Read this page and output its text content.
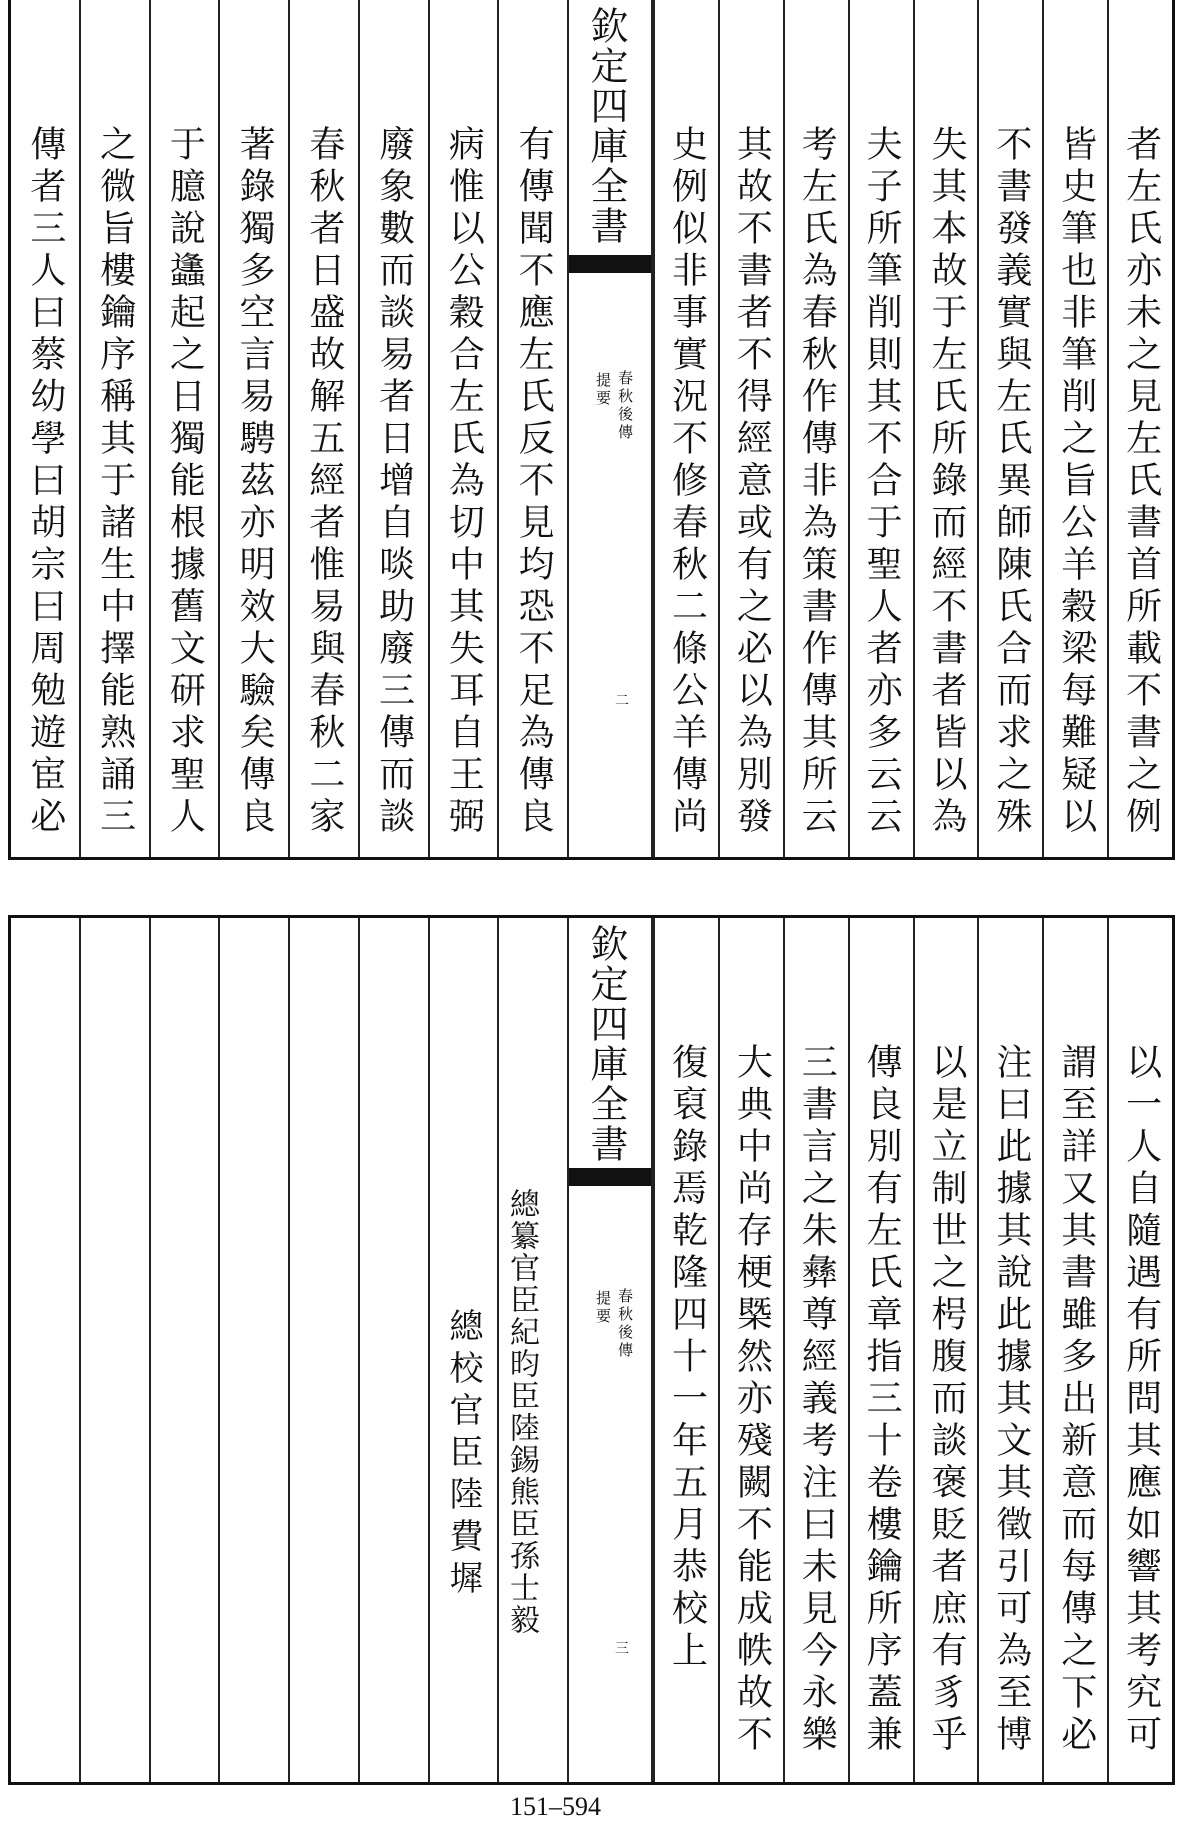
傳者三人曰蔡幼學曰胡宗曰周勉遊宦必 之微旨樓鑰序稱其于諸生中擇能熟誦三 于臆說蠭起之日獨能根據舊文研求聖人 著錄獨多空言易騁茲亦明效大驗矣傳良 春秋者日盛故解五經者惟易與春秋二家 廢象數而談易者日增自啖助廢三傳而談 病惟以公穀合左氏為切中其失耳自王弼 有傳聞不應左氏反不見均恐不足為傳良 欽定四庫全書
春秋後傳
提要
二 史例似非事實況不修春秋二條公羊傳尚 其故不書者不得經意或有之必以為別發 考左氏為春秋作傳非為策書作傳其所云 夫子所筆削則其不合于聖人者亦多云云 失其本故于左氏所錄而經不書者皆以為 不書發義實與左氏異師陳氏合而求之殊 皆史筆也非筆削之旨公羊穀梁每難疑以 者左氏亦未之見左氏書首所載不書之例
總校官臣陸費墀 總纂官臣紀昀臣陸錫熊臣孫士毅
欽定四庫全書
春秋後傳
提要
三 復裒錄焉乾隆四十一年五月恭校上 大典中尚存梗槩然亦殘闕不能成帙故不 三書言之朱彝尊經義考注曰未見今永樂 傳良別有左氏章指三十卷樓鑰所序蓋兼 以是立制世之枵腹而談褒貶者庶有豸乎 注曰此據其說此據其文其徵引可為至博 謂至詳又其書雖多出新意而每傳之下必 以一人自隨遇有所問其應如響其考究可
151–594
